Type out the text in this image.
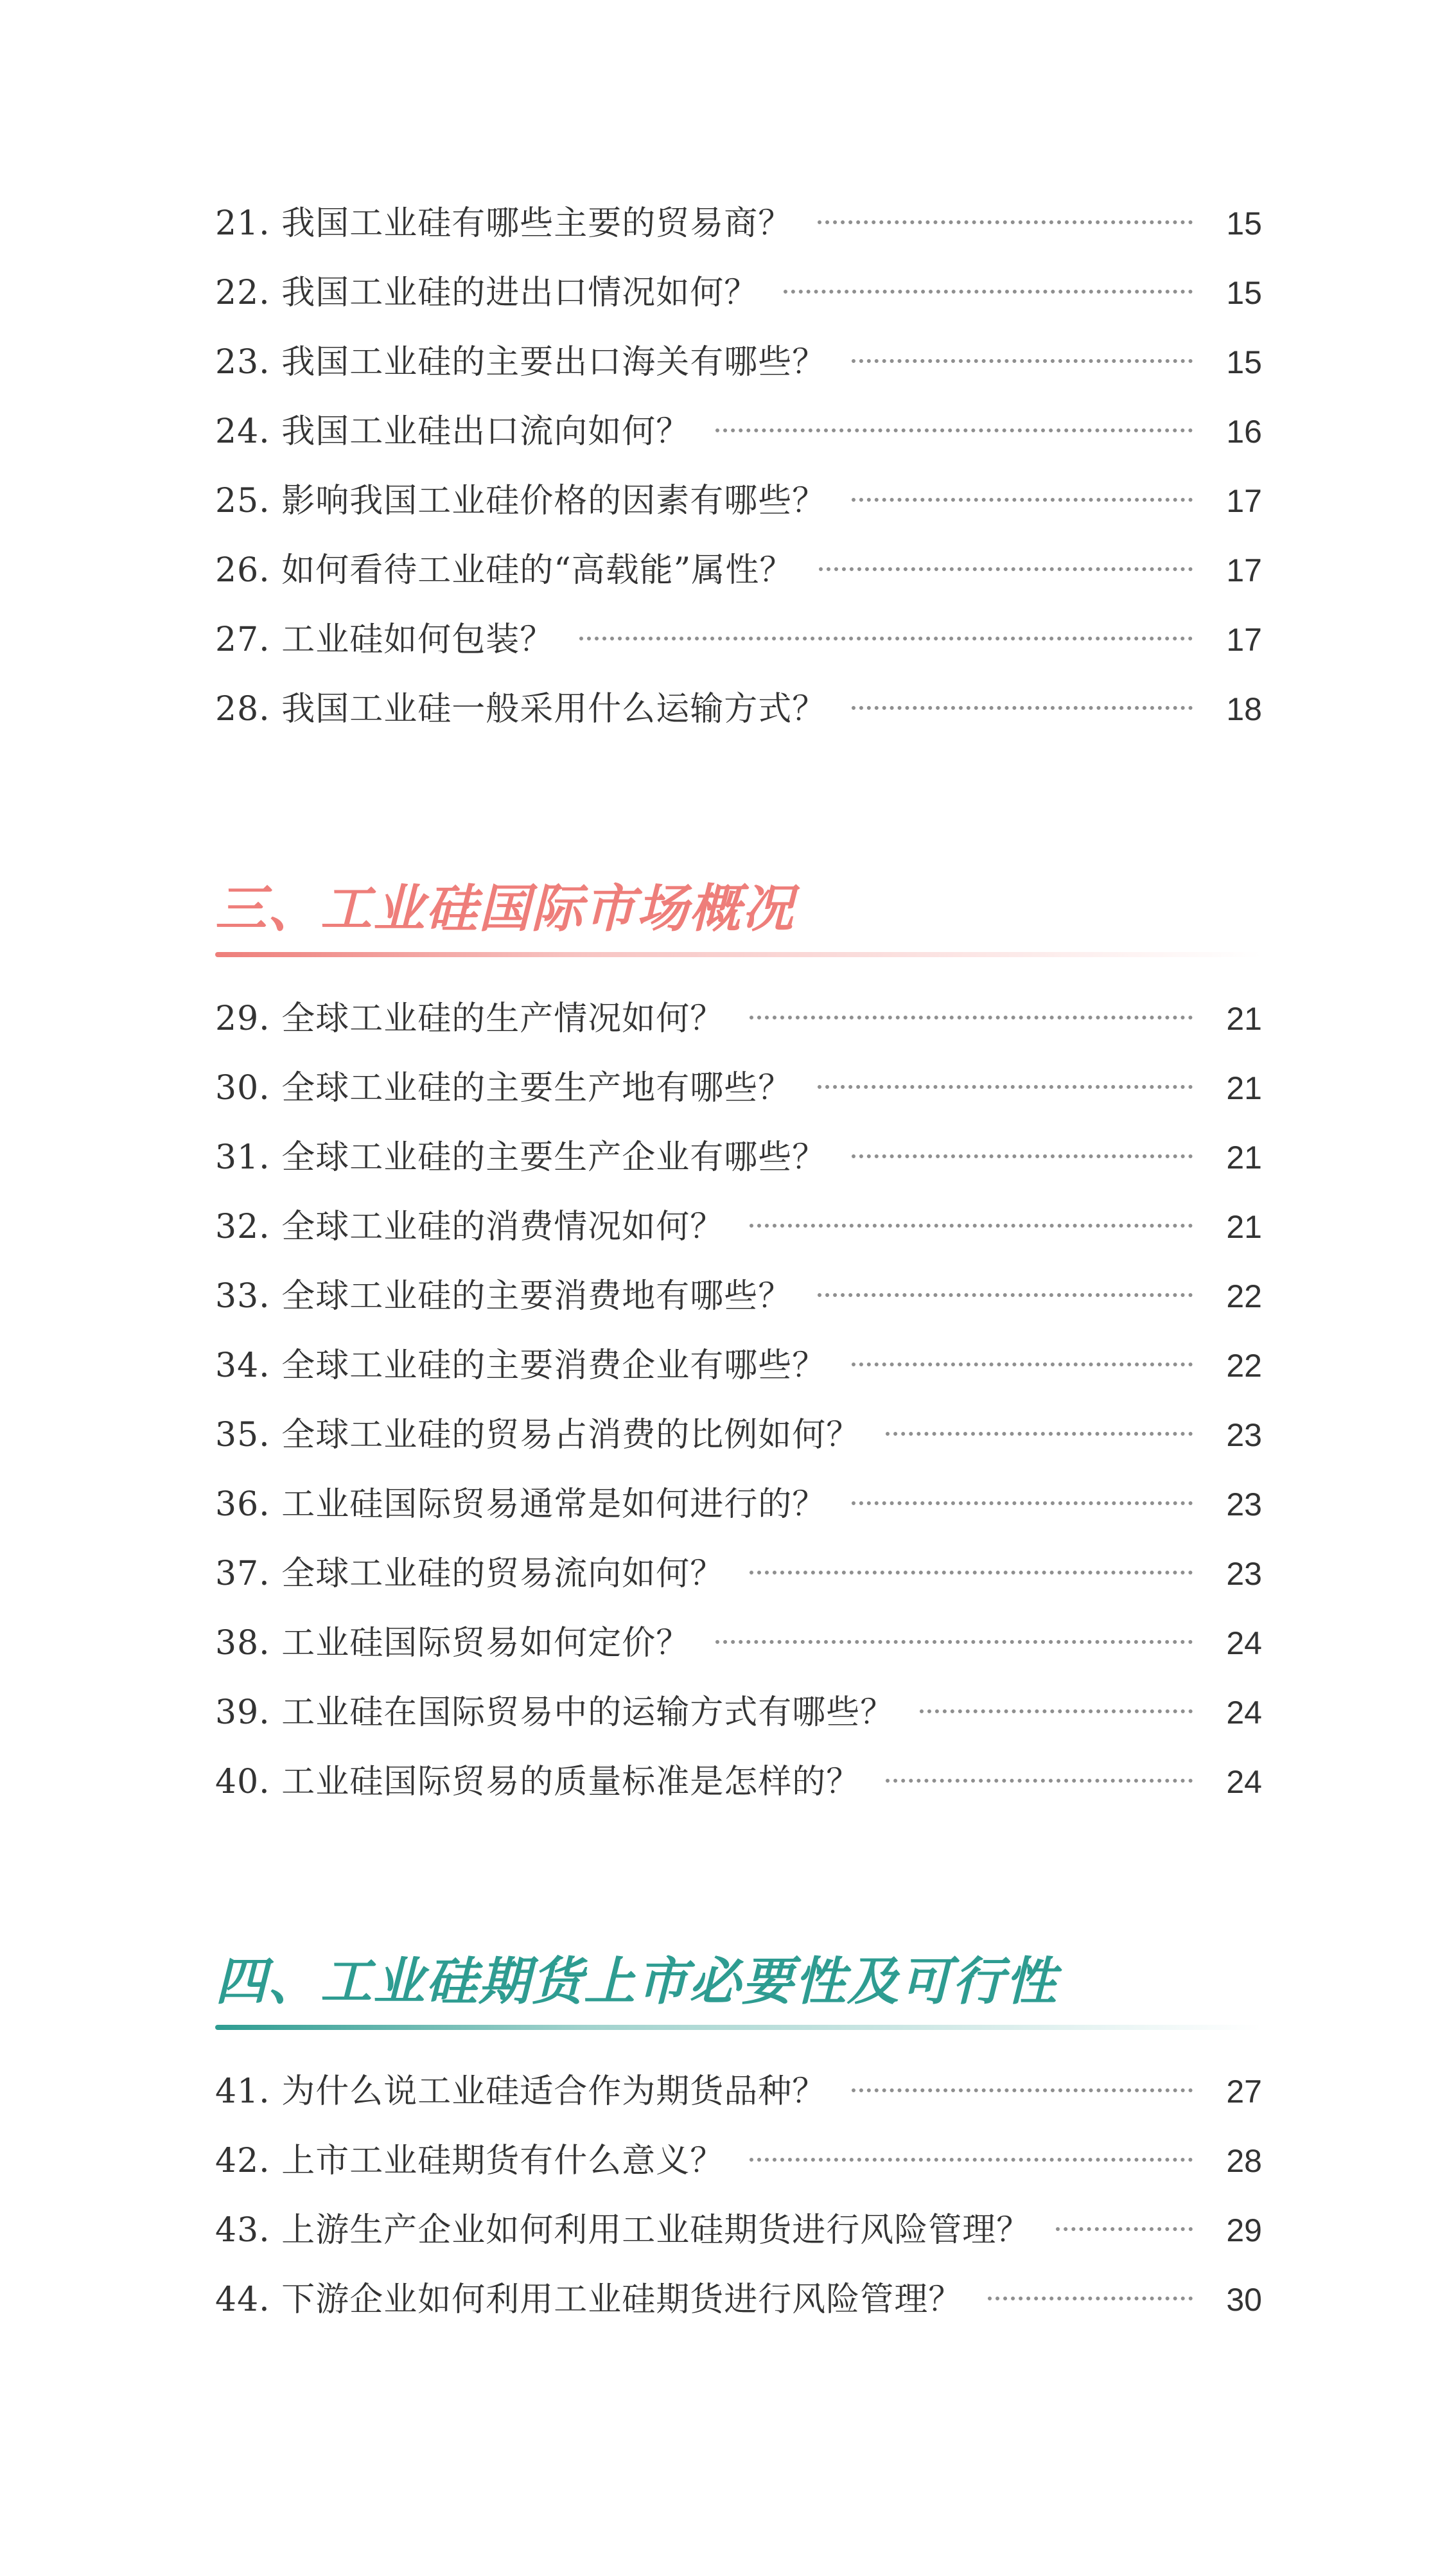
21. 我国工业硅有哪些主要的贸易商？	15
22. 我国工业硅的进出口情况如何？	15
23. 我国工业硅的主要出口海关有哪些？	15
24. 我国工业硅出口流向如何？	16
25. 影响我国工业硅价格的因素有哪些？	17
26. 如何看待工业硅的“高载能”属性？	17
27. 工业硅如何包装？	17
28. 我国工业硅一般采用什么运输方式？	18
三、工业硅国际市场概况
29. 全球工业硅的生产情况如何？	21
30. 全球工业硅的主要生产地有哪些？	21
31. 全球工业硅的主要生产企业有哪些？	21
32. 全球工业硅的消费情况如何？	21
33. 全球工业硅的主要消费地有哪些？	22
34. 全球工业硅的主要消费企业有哪些？	22
35. 全球工业硅的贸易占消费的比例如何？	23
36. 工业硅国际贸易通常是如何进行的？	23
37. 全球工业硅的贸易流向如何？	23
38. 工业硅国际贸易如何定价？	24
39. 工业硅在国际贸易中的运输方式有哪些？	24
40. 工业硅国际贸易的质量标准是怎样的？	24
四、工业硅期货上市必要性及可行性
41. 为什么说工业硅适合作为期货品种？	27
42. 上市工业硅期货有什么意义？	28
43. 上游生产企业如何利用工业硅期货进行风险管理？	29
44. 下游企业如何利用工业硅期货进行风险管理？	30
